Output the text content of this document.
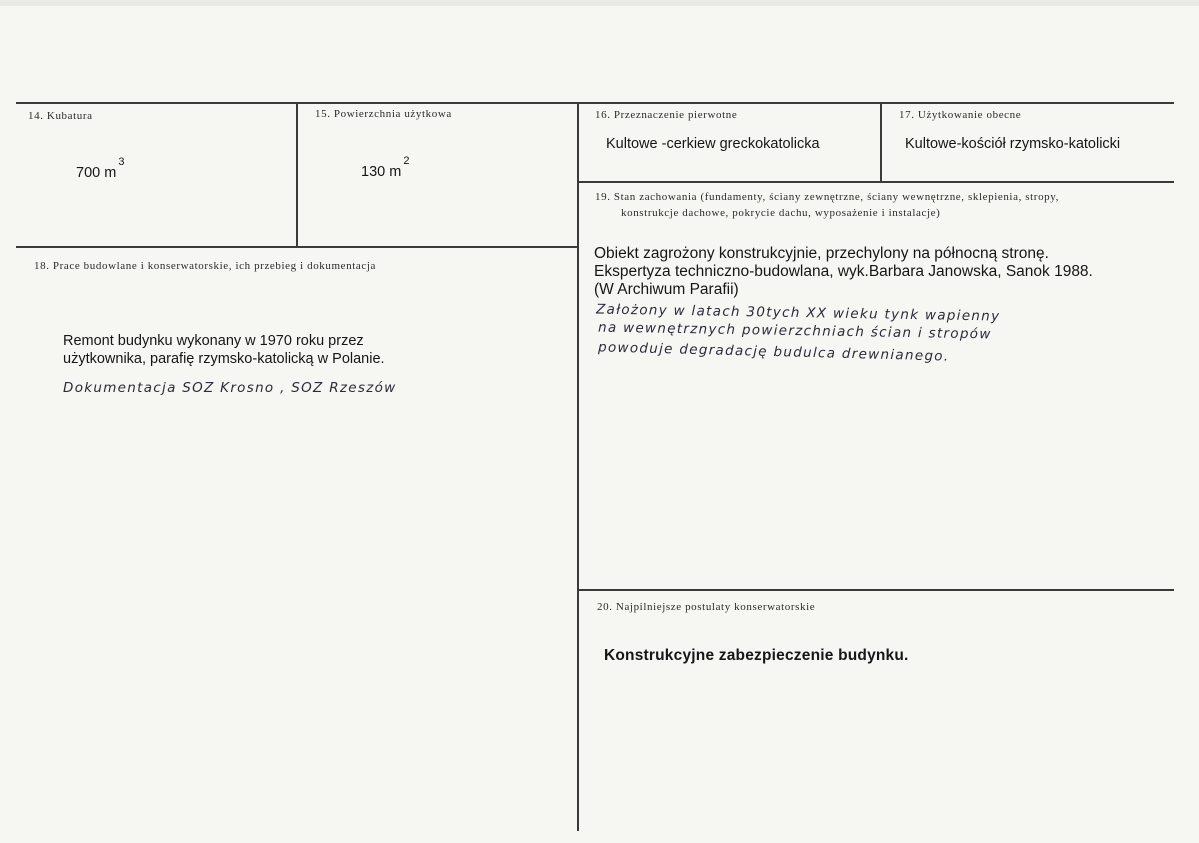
14. Kubatura
700 $m^3$
15. Powierzchnia użytkowa
130 $m^2$
16. Przeznaczenie pierwotne
Kultowe -cerkiew greckokatolicka
17. Użytkowanie obecne
Kultowe-kościół rzymsko-katolicki
18. Prace budowlane i konserwatorskie, ich przebieg i dokumentacja
Remont budynku wykonany w 1970 roku przez
użytkownika, parafię rzymsko-katolicką w Polanie.
Dokumentacja SOZ Krosno , SOZ Rzeszów
19. Stan zachowania (fundamenty, ściany zewnętrzne, ściany wewnętrzne, sklepienia, stropy,
konstrukcje dachowe, pokrycie dachu, wyposażenie i instalacje)
Obiekt zagrożony konstrukcyjnie, przechylony na północną stronę.
Ekspertyza techniczno-budowlana, wyk.Barbara Janowska, Sanok 1988.
(W Archiwum Parafii)
Założony w latach 30tych XX wieku tynk wapienny
na wewnętrznych powierzchniach ścian i stropów
powoduje degradację budulca drewnianego.
20. Najpilniejsze postulaty konserwatorskie
Konstrukcyjne zabezpieczenie budynku.
